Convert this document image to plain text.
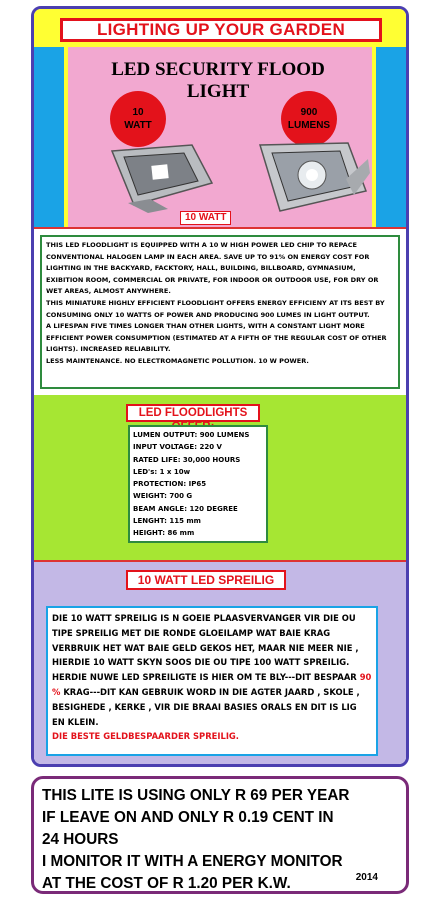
LIGHTING UP YOUR GARDEN
LED SECURITY FLOOD LIGHT
10
WATT
900
LUMENS
10 WATT

THIS LED FLOODLIGHT IS EQUIPPED WITH A 10 W HIGH POWER LED CHIP TO REPACE CONVENTIONAL HALOGEN LAMP IN EACH AREA. SAVE UP TO 91% ON ENERGY COST FOR LIGHTING IN THE BACKYARD, FACKTORY, HALL, BUILDING, BILLBOARD, GYMNASIUM, EXIBITION ROOM, COMMERCIAL OR PRIVATE, FOR INDOOR OR OUTDOOR USE, FOR DRY OR WET AREAS, ALMOST ANYWHERE.

THIS MINIATURE HIGHLY EFFICIENT FLOODLIGHT OFFERS ENERGY EFFICIENY AT ITS BEST BY CONSUMING ONLY 10 WATTS OF POWER AND PRODUCING 900 LUMES IN LIGHT OUTPUT.

A LIFESPAN FIVE TIMES LONGER THAN OTHER LIGHTS, WITH A CONSTANT LIGHT MORE EFFICIENT POWER CONSUMPTION (ESTIMATED AT A FIFTH OF THE REGULAR COST OF OTHER LIGHTS). INCREASED RELIABILITY.

LESS MAINTENANCE. NO ELECTROMAGNETIC POLLUTION. 10 W POWER.

LED FLOODLIGHTS
LUMEN OUTPUT: 900 LUMENS
INPUT VOLTAGE: 220 V
RATED LIFE: 30,000 HOURS
LED's: 1 x 10w
PROTECTION: IP65
WEIGHT: 700 G
BEAM ANGLE: 120 DEGREE
LENGHT: 115 mm
HEIGHT: 86 mm
10 WATT LED SPREILIG

DIE 10 WATT SPREILIG IS N GOEIE PLAASVERVANGER VIR DIE OU TIPE SPREILIG MET DIE RONDE GLOEILAMP WAT BAIE KRAG VERBRUIK HET WAT BAIE GELD GEKOS HET, MAAR NIE MEER NIE , HIERDIE 10 WATT SKYN SOOS DIE OU TIPE 100 WATT SPREILIG.

HERDIE NUWE LED SPREILIGTE IS HIER OM TE BLY---DIT BESPAAR 90 % KRAG---DIT KAN GEBRUIK WORD IN DIE AGTER JAARD , SKOLE , BESIGHEDE , KERKE , VIR DIE BRAAI BASIES ORALS EN DIT IS LIG EN KLEIN.

DIE BESTE GELDBESPAARDER SPREILIG.

THIS LITE IS USING ONLY R 69 PER YEAR
IF LEAVE ON AND ONLY R 0.19 CENT IN
24 HOURS
I MONITOR IT WITH A ENERGY MONITOR
AT THE COST OF R 1.20 PER K.W.	2014
